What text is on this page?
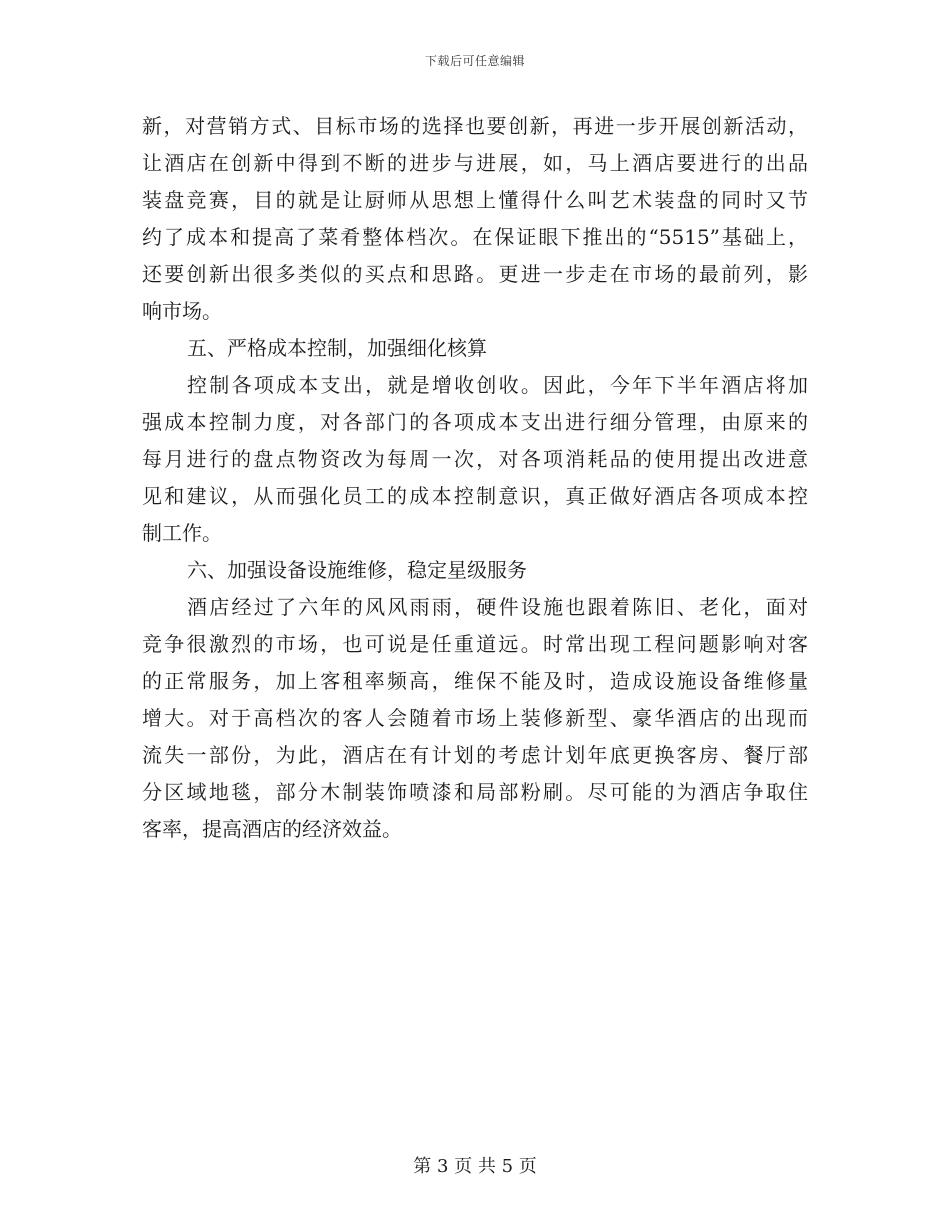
下载后可任意编辑
新，对营销方式、目标市场的选择也要创新，再进一步开展创新活动，
让酒店在创新中得到不断的进步与进展，如，马上酒店要进行的出品
装盘竞赛，目的就是让厨师从思想上懂得什么叫艺术装盘的同时又节
约了成本和提高了菜肴整体档次。在保证眼下推出的“5515”基础上，
还要创新出很多类似的买点和思路。更进一步走在市场的最前列，影
响市场。
五、严格成本控制，加强细化核算
控制各项成本支出，就是增收创收。因此，今年下半年酒店将加
强成本控制力度，对各部门的各项成本支出进行细分管理，由原来的
每月进行的盘点物资改为每周一次，对各项消耗品的使用提出改进意
见和建议，从而强化员工的成本控制意识，真正做好酒店各项成本控
制工作。
六、加强设备设施维修，稳定星级服务
酒店经过了六年的风风雨雨，硬件设施也跟着陈旧、老化，面对
竞争很激烈的市场，也可说是任重道远。时常出现工程问题影响对客
的正常服务，加上客租率频高，维保不能及时，造成设施设备维修量
增大。对于高档次的客人会随着市场上装修新型、豪华酒店的出现而
流失一部份，为此，酒店在有计划的考虑计划年底更换客房、餐厅部
分区域地毯，部分木制装饰喷漆和局部粉刷。尽可能的为酒店争取住
客率，提高酒店的经济效益。
第 3 页 共 5 页
